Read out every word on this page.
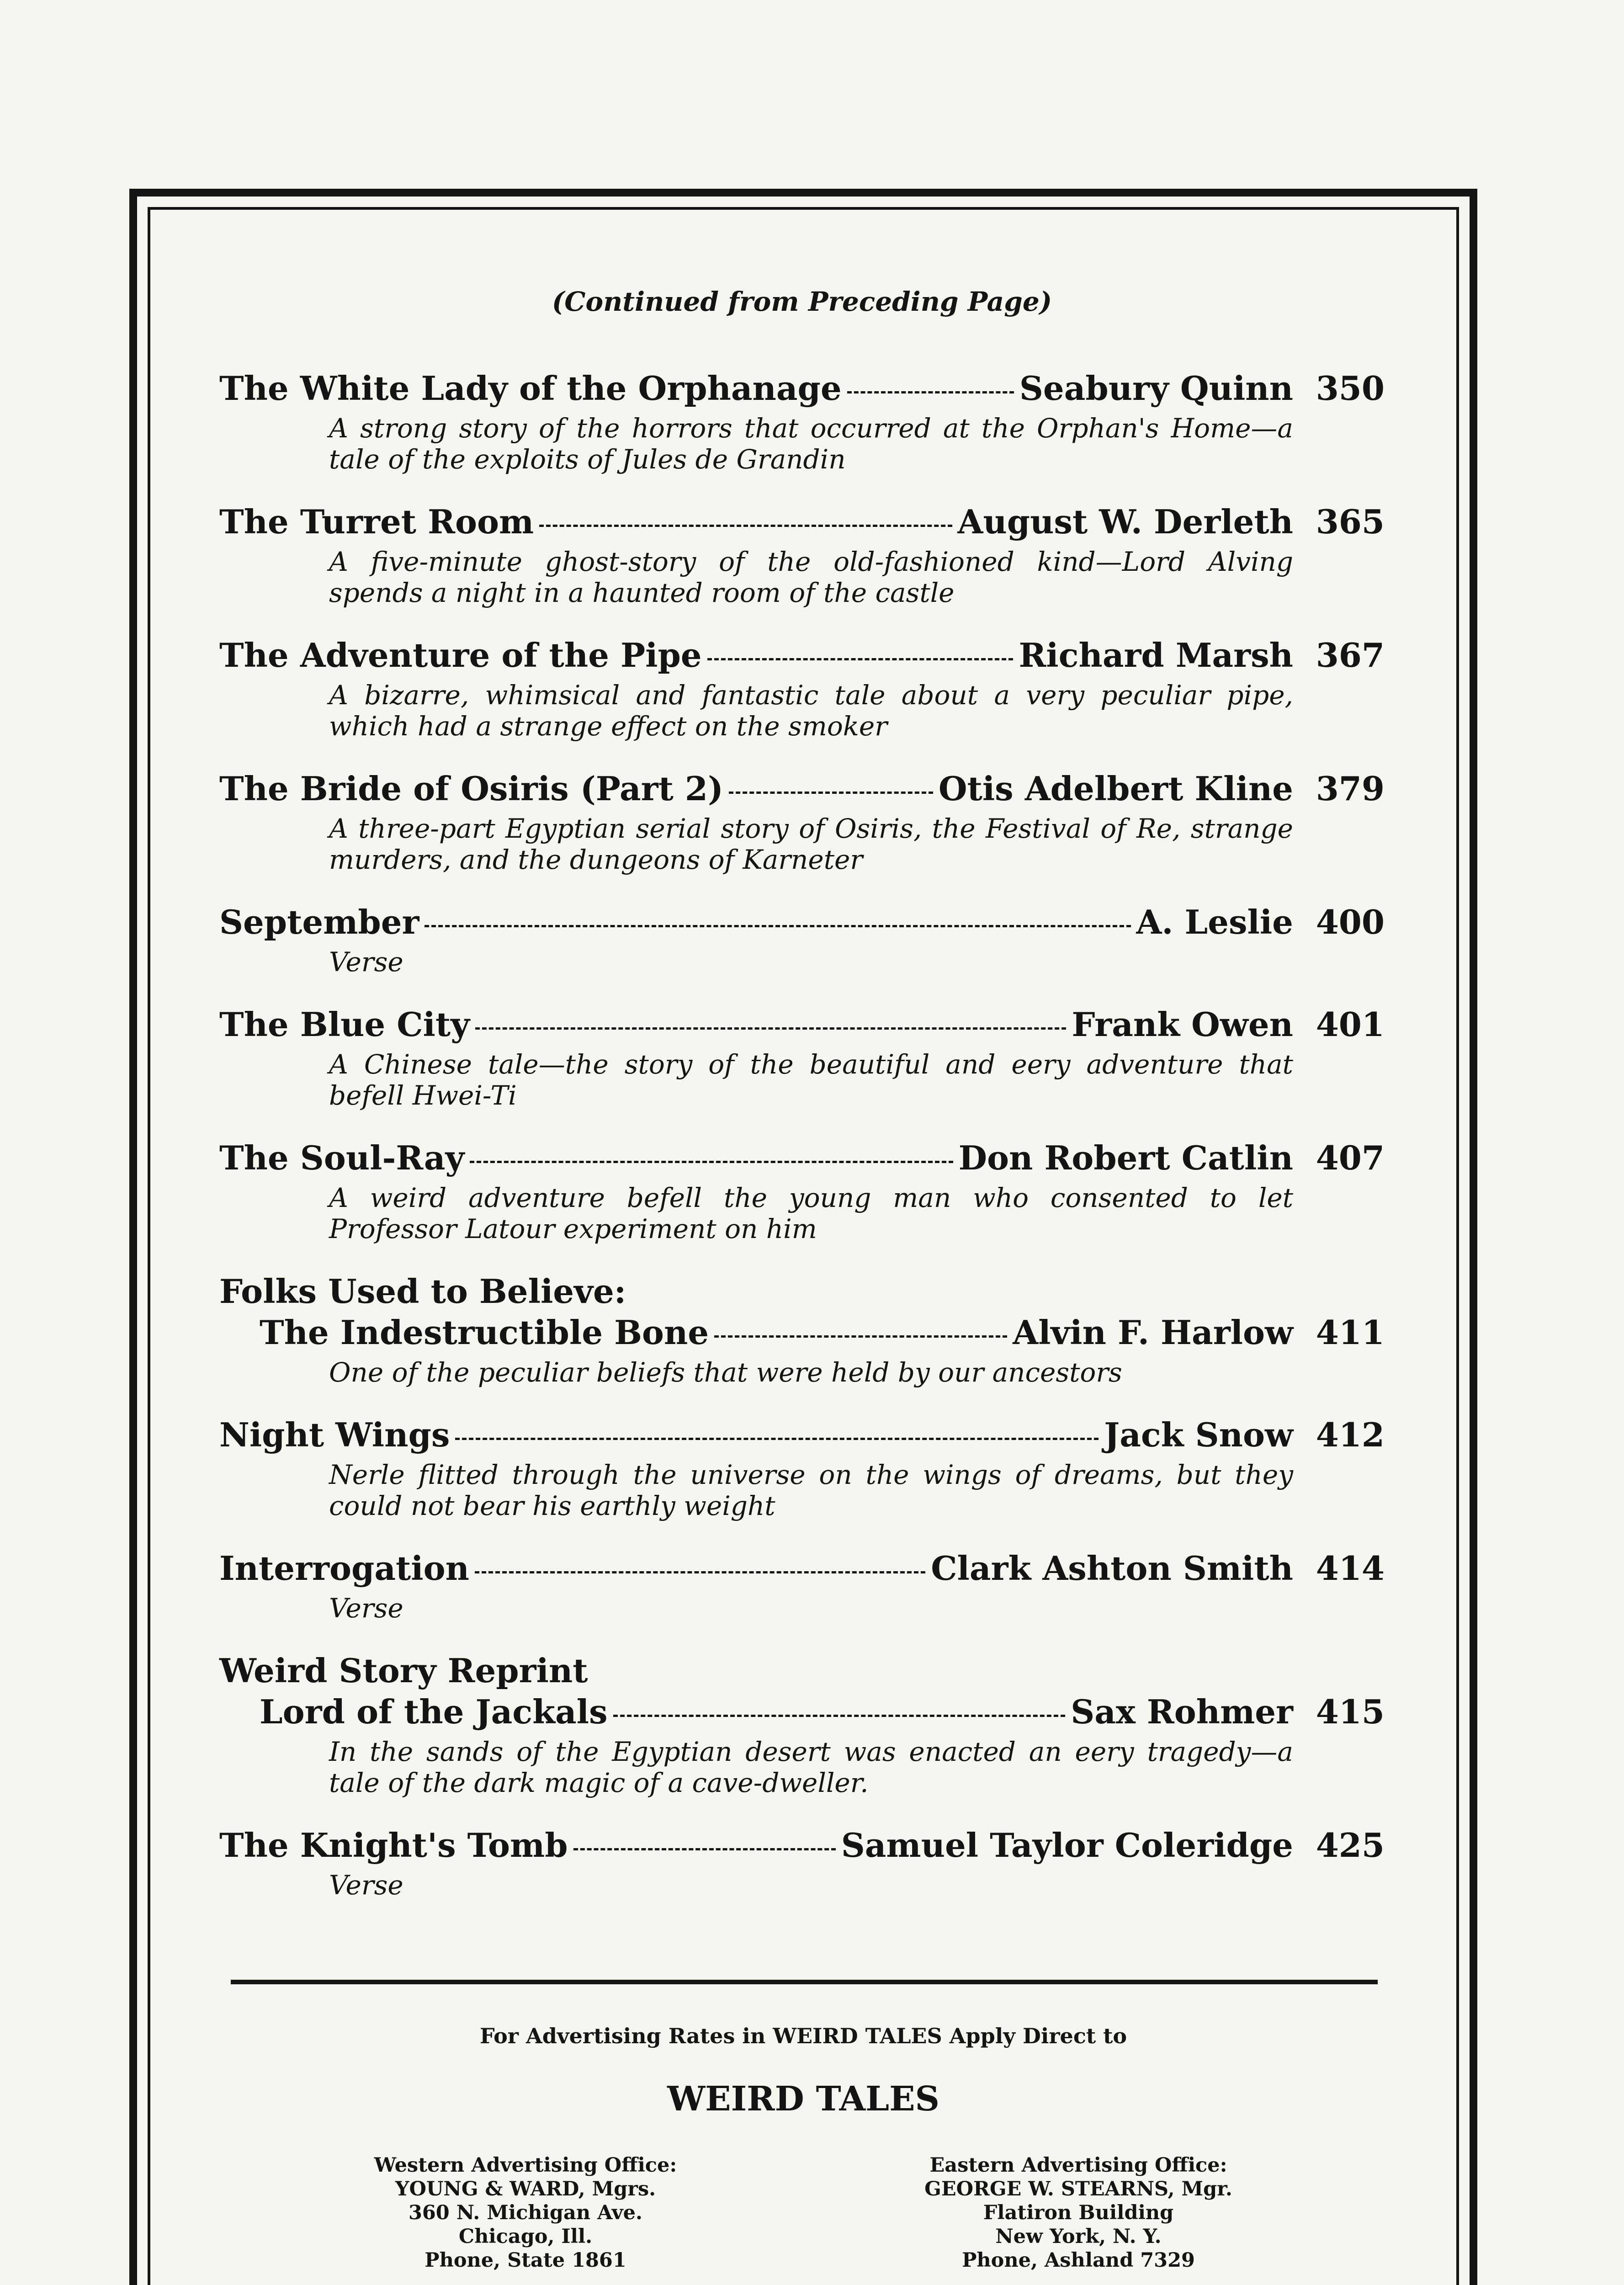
(Continued from Preceding Page)
The White Lady of the Orphanage	Seabury Quinn 350
A strong story of the horrors that occurred at the Orphan's Home—a tale of the exploits of Jules de Grandin
The Turret Room	August W. Derleth 365
A five-minute ghost-story of the old-fashioned kind—Lord Alving spends a night in a haunted room of the castle
The Adventure of the Pipe	Richard Marsh 367
A bizarre, whimsical and fantastic tale about a very peculiar pipe, which had a strange effect on the smoker
The Bride of Osiris (Part 2)	Otis Adelbert Kline 379
A three-part Egyptian serial story of Osiris, the Festival of Re, strange murders, and the dungeons of Karneter
September	A. Leslie 400
Verse
The Blue City	Frank Owen 401
A Chinese tale—the story of the beautiful and eery adventure that befell Hwei-Ti
The Soul-Ray	Don Robert Catlin 407
A weird adventure befell the young man who consented to let Professor Latour experiment on him
Folks Used to Believe:
The Indestructible Bone	Alvin F. Harlow 411
One of the peculiar beliefs that were held by our ancestors
Night Wings	Jack Snow 412
Nerle flitted through the universe on the wings of dreams, but they could not bear his earthly weight
Interrogation	Clark Ashton Smith 414
Verse
Weird Story Reprint
Lord of the Jackals	Sax Rohmer 415
In the sands of the Egyptian desert was enacted an eery tragedy—a tale of the dark magic of a cave-dweller.
The Knight's Tomb	Samuel Taylor Coleridge 425
Verse
For Advertising Rates in WEIRD TALES Apply Direct to
WEIRD TALES
Western Advertising Office:
YOUNG & WARD, Mgrs.
360 N. Michigan Ave.
Chicago, Ill.
Phone, State 1861
Eastern Advertising Office:
GEORGE W. STEARNS, Mgr.
Flatiron Building
New York, N. Y.
Phone, Ashland 7329
